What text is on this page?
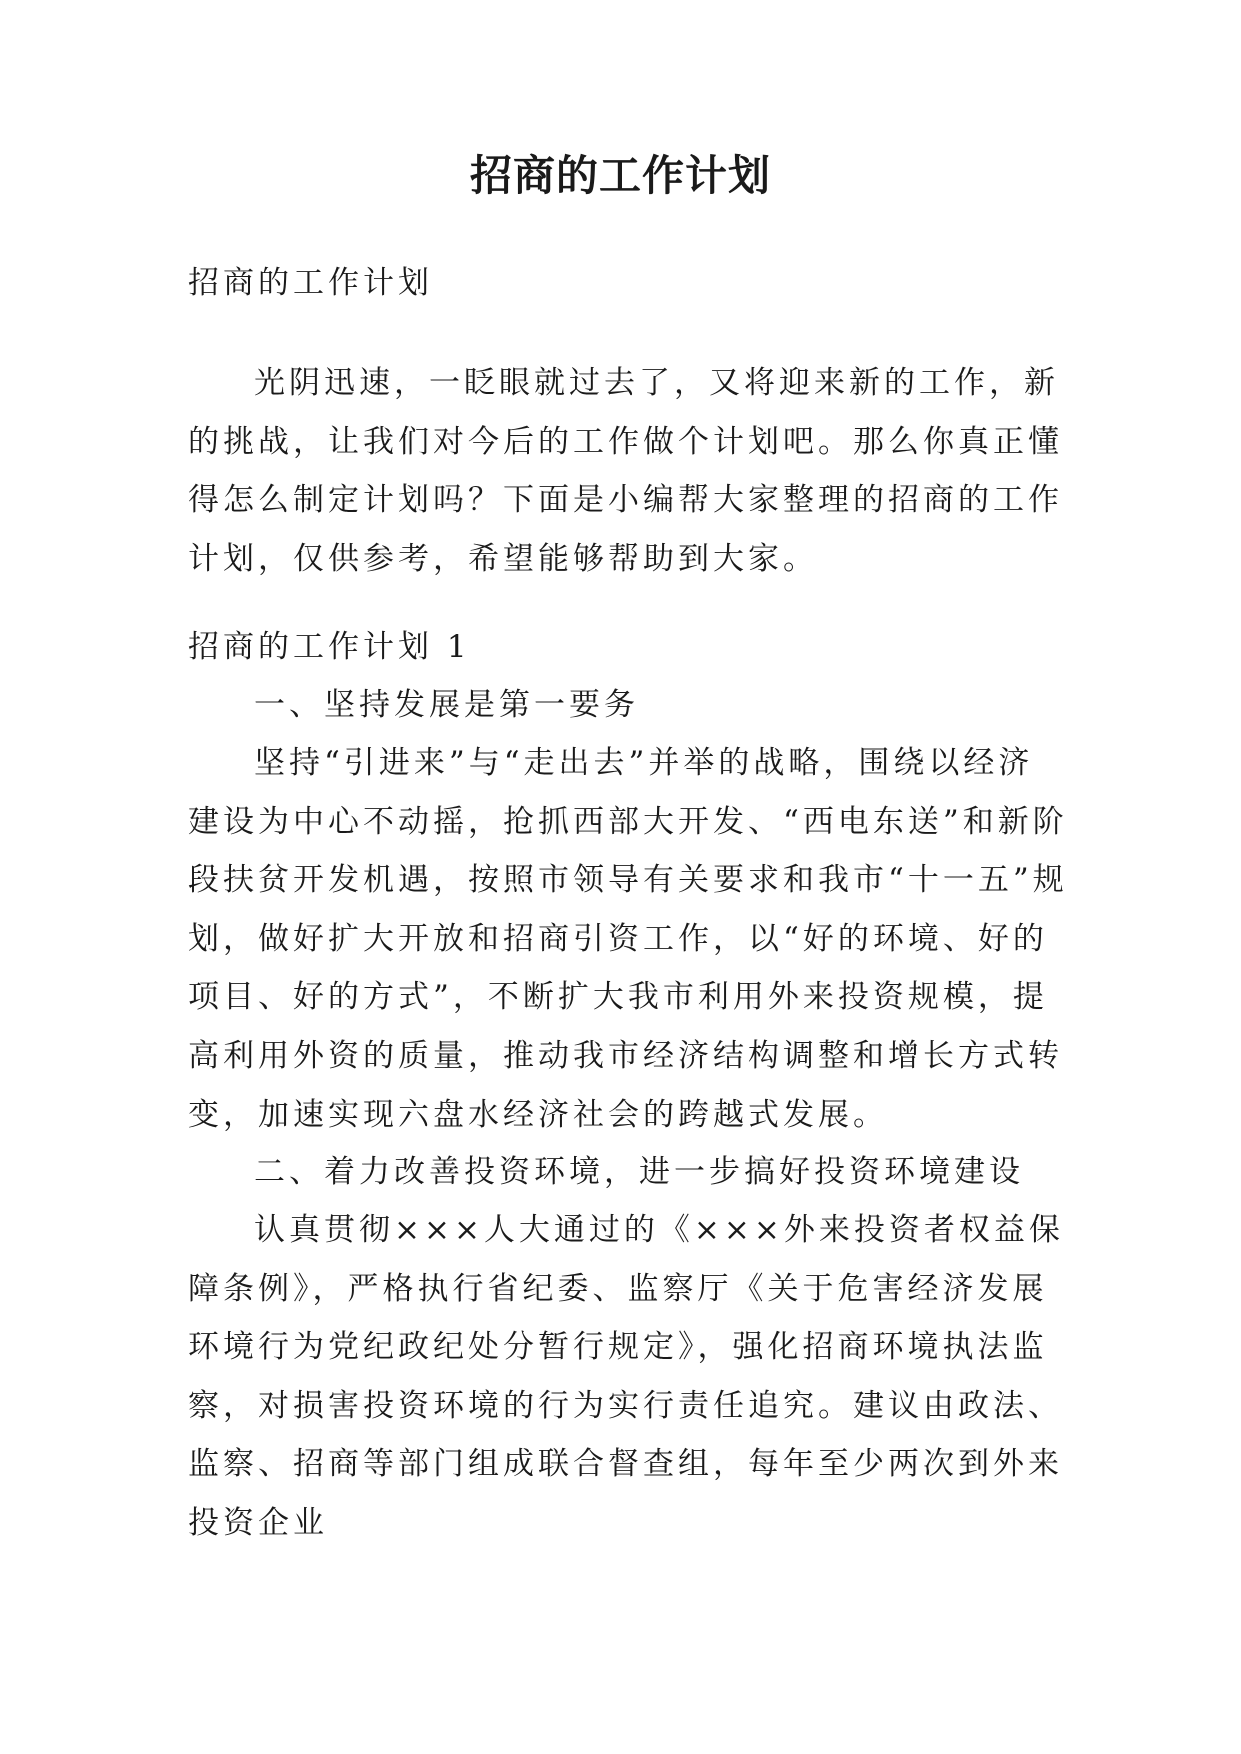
招商的工作计划

招商的工作计划

光阴迅速，一眨眼就过去了，又将迎来新的工作，新的挑战，让我们对今后的工作做个计划吧。那么你真正懂得怎么制定计划吗？下面是小编帮大家整理的招商的工作计划，仅供参考，希望能够帮助到大家。

招商的工作计划 1

一、坚持发展是第一要务

坚持“引进来”与“走出去”并举的战略，围绕以经济建设为中心不动摇，抢抓西部大开发、“西电东送”和新阶段扶贫开发机遇，按照市领导有关要求和我市“十一五”规划，做好扩大开放和招商引资工作，以“好的环境、好的项目、好的方式”，不断扩大我市利用外来投资规模，提高利用外资的质量，推动我市经济结构调整和增长方式转变，加速实现六盘水经济社会的跨越式发展。

二、着力改善投资环境，进一步搞好投资环境建设

认真贯彻×××人大通过的《×××外来投资者权益保障条例》，严格执行省纪委、监察厅《关于危害经济发展环境行为党纪政纪处分暂行规定》，强化招商环境执法监察，对损害投资环境的行为实行责任追究。建议由政法、监察、招商等部门组成联合督查组，每年至少两次到外来投资企业
